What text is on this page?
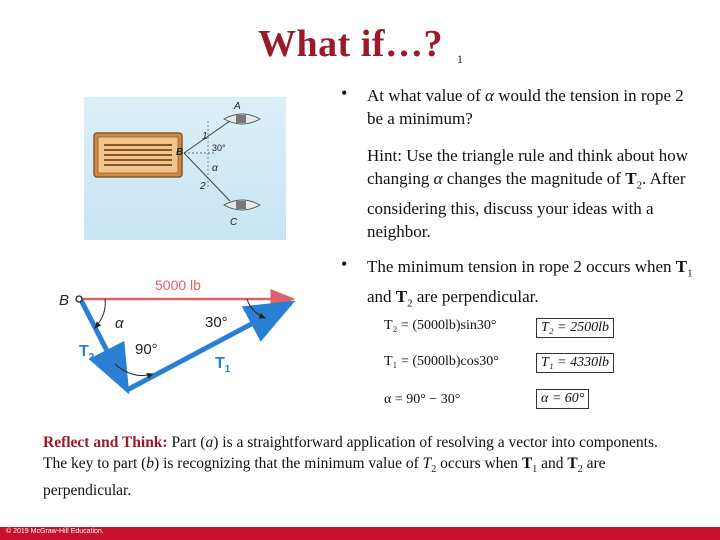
What if…? 1
A
B
C
1
2
30°
α
• At what value of α would the tension in rope 2 be a minimum?
Hint: Use the triangle rule and think about how changing α changes the magnitude of $T_2$. After considering this, discuss your ideas with a neighbor.
• The minimum tension in rope 2 occurs when $T_1$ and $T_2$ are perpendicular.
5000 lb
B
α	30°
90°
$T_2$	$T_1$
T₂ = (5000lb)sin30°	T₂ = 2500lb
T₁ = (5000lb)cos30°	T₁ = 4330lb
α = 90° − 30°	α = 60°
Reflect and Think: Part (a) is a straightforward application of resolving a vector into components. The key to part (b) is recognizing that the minimum value of $T_2$ occurs when $T_1$ and $T_2$ are perpendicular.
© 2019 McGraw-Hill Education.
